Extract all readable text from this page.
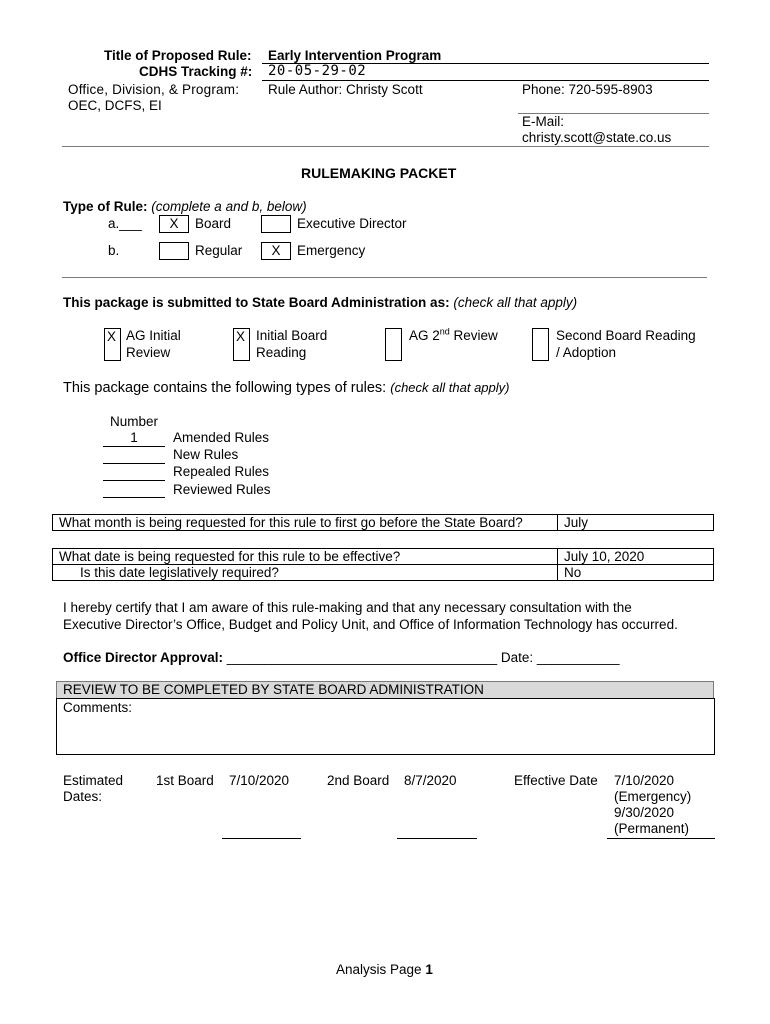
Title of Proposed Rule: Early Intervention Program
CDHS Tracking #: 20-05-29-02
Office, Division, & Program:
OEC, DCFS, EI
Rule Author: Christy Scott	Phone: 720-595-8903
E-Mail:
christy.scott@state.co.us
RULEMAKING PACKET
Type of Rule: (complete a and b, below)
a.___	X	Board	Executive Director
b.	Regular	X	Emergency
This package is submitted to State Board Administration as: (check all that apply)
X AG Initial
Review
X Initial Board
Reading
AG 2nd Review	Second Board Reading
/ Adoption
This package contains the following types of rules: (check all that apply)
Number
1	Amended Rules
New Rules
Repealed Rules
Reviewed Rules
What month is being requested for this rule to first go before the State Board?	July
What date is being requested for this rule to be effective?	July 10, 2020
Is this date legislatively required?	No
I hereby certify that I am aware of this rule-making and that any necessary consultation with the
Executive Director’s Office, Budget and Policy Unit, and Office of Information Technology has occurred.
Office Director Approval: ____________________________________ Date: ___________
REVIEW TO BE COMPLETED BY STATE BOARD ADMINISTRATION
Comments:
Estimated
Dates:
1st Board 7/10/2020	2nd Board 8/7/2020	Effective Date 7/10/2020
(Emergency)
9/30/2020
(Permanent)
Analysis Page 1
